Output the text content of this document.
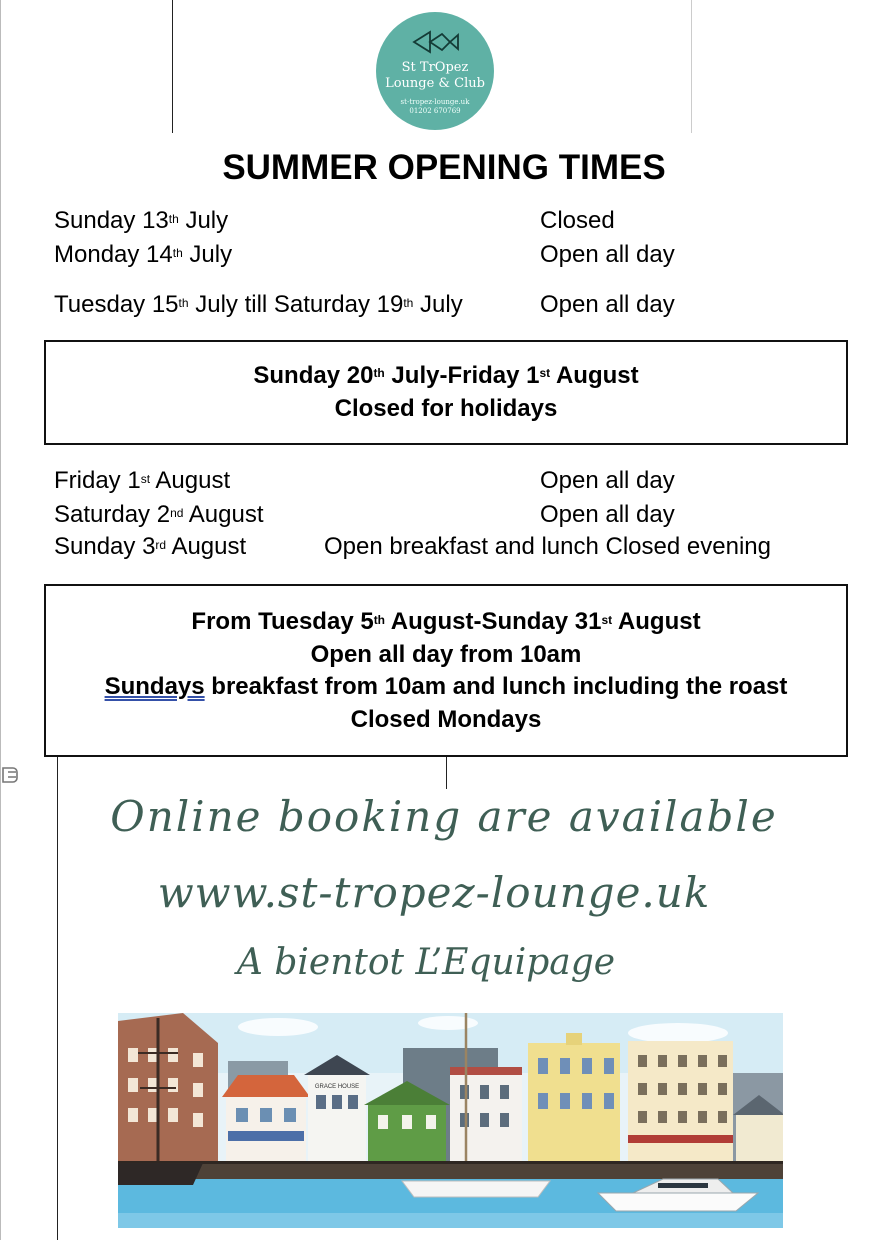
St TrOpez
Lounge & Club
st-tropez-lounge.uk
01202 670769
SUMMER OPENING TIMES
Sunday 13th July	Closed
Monday 14th July	Open all day
Tuesday 15th July till Saturday 19th July	Open all day
Sunday 20th July-Friday 1st August
Closed for holidays
Friday 1st August	Open all day
Saturday 2nd August	Open all day
Sunday 3rd August	Open breakfast and lunch Closed evening
From Tuesday 5th August-Sunday 31st August
Open all day from 10am
Sundays breakfast from 10am and lunch including the roast
Closed Mondays
Online booking are available
www.st-tropez-lounge.uk
A bientot L’Equipage
GRACE HOUSE
